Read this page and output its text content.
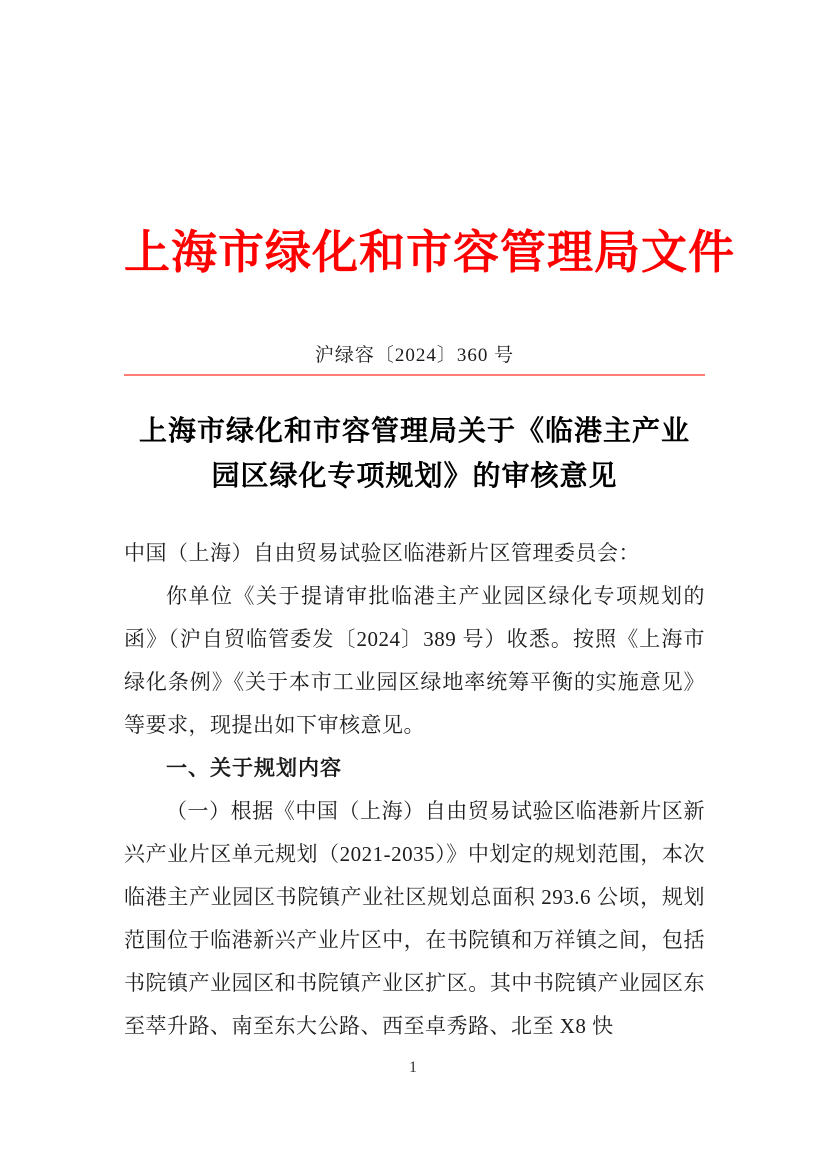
上海市绿化和市容管理局文件
沪绿容〔2024〕360 号
上海市绿化和市容管理局关于《临港主产业
园区绿化专项规划》的审核意见

中国（上海）自由贸易试验区临港新片区管理委员会：

你单位《关于提请审批临港主产业园区绿化专项规划的函》（沪自贸临管委发〔2024〕389 号）收悉。按照《上海市绿化条例》《关于本市工业园区绿地率统筹平衡的实施意见》等要求，现提出如下审核意见。

一、关于规划内容

（一）根据《中国（上海）自由贸易试验区临港新片区新兴产业片区单元规划（2021-2035）》中划定的规划范围，本次临港主产业园区书院镇产业社区规划总面积 293.6 公顷，规划范围位于临港新兴产业片区中，在书院镇和万祥镇之间，包括书院镇产业园区和书院镇产业区扩区。其中书院镇产业园区东至萃升路、南至东大公路、西至卓秀路、北至 X8 快

1
